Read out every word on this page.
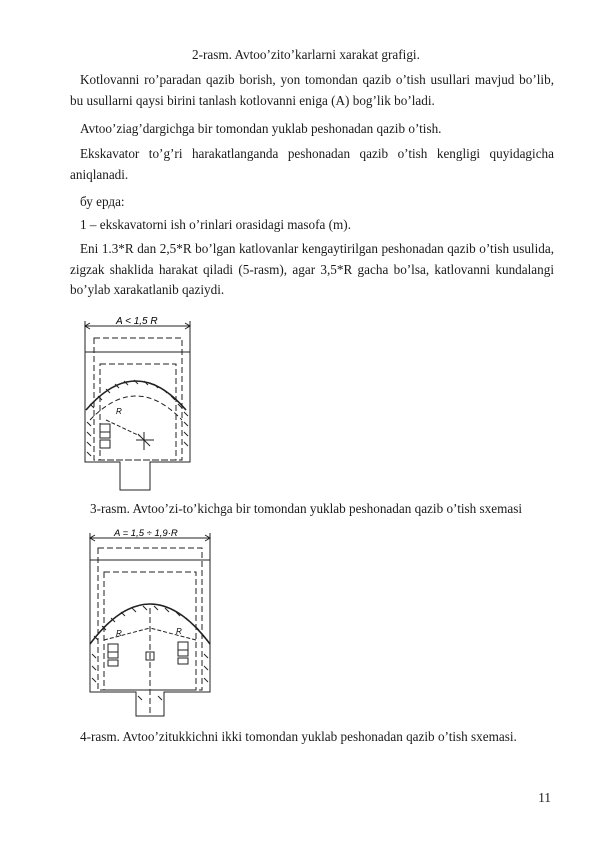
2-rasm. Avtoo’zito’karlarni xarakat grafigi.
Kotlovanni ro’paradan qazib borish, yon tomondan qazib o’tish usullari mavjud bo’lib, bu usullarni qaysi birini tanlash kotlovanni eniga (A) bog’lik bo’ladi.
Avtoo’ziag’dargichga bir tomondan yuklab peshonadan qazib o’tish.
Ekskavator to’g’ri harakatlanganda peshonadan qazib o’tish kengligi quyidagicha aniqlanadi.
бу ерда:
1 – ekskavatorni ish o’rinlari orasidagi masofa (m).
Eni 1.3*R dan 2,5*R bo’lgan katlovanlar kengaytirilgan peshonadan qazib o’tish usulida, zigzak shaklida harakat qiladi (5-rasm), agar 3,5*R gacha bo’lsa, katlovanni kundalangi bo’ylab xarakatlanib qaziydi.
A < 1,5 R
R
3-rasm. Avtoo’zi-to’kichga bir tomondan yuklab peshonadan qazib o’tish sxemasi
A = 1,5 ÷ 1,9·R
R	R
4-rasm. Avtoo’zitukkichni ikki tomondan yuklab peshonadan qazib o’tish sxemasi.
11
